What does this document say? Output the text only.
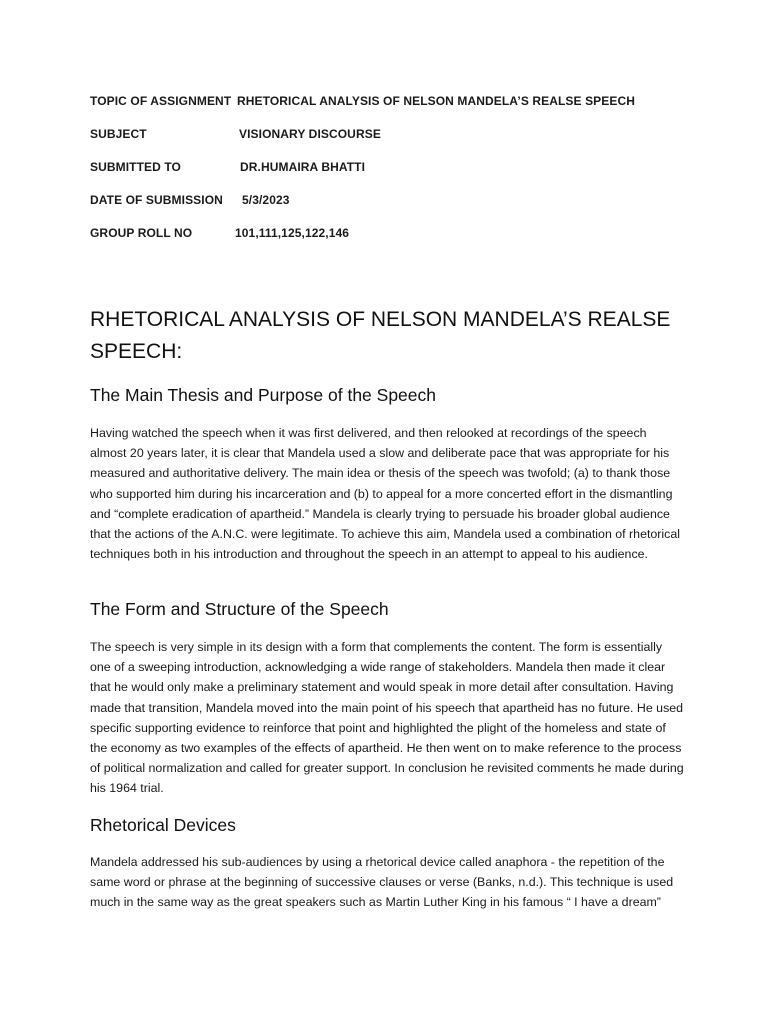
TOPIC OF ASSIGNMENT RHETORICAL ANALYSIS OF NELSON MANDELA’S REALSE SPEECH
SUBJECT	VISIONARY DISCOURSE
SUBMITTED TO	DR.HUMAIRA BHATTI
DATE OF SUBMISSION 5/3/2023
GROUP ROLL NO	101,111,125,122,146
RHETORICAL ANALYSIS OF NELSON MANDELA’S REALSE SPEECH:
The Main Thesis and Purpose of the Speech

Having watched the speech when it was first delivered, and then relooked at recordings of the speech almost 20 years later, it is clear that Mandela used a slow and deliberate pace that was appropriate for his measured and authoritative delivery. The main idea or thesis of the speech was twofold; (a) to thank those who supported him during his incarceration and (b) to appeal for a more concerted effort in the dismantling and “complete eradication of apartheid.” Mandela is clearly trying to persuade his broader global audience that the actions of the A.N.C. were legitimate. To achieve this aim, Mandela used a combination of rhetorical techniques both in his introduction and throughout the speech in an attempt to appeal to his audience.

The Form and Structure of the Speech

The speech is very simple in its design with a form that complements the content. The form is essentially one of a sweeping introduction, acknowledging a wide range of stakeholders. Mandela then made it clear that he would only make a preliminary statement and would speak in more detail after consultation. Having made that transition, Mandela moved into the main point of his speech that apartheid has no future. He used specific supporting evidence to reinforce that point and highlighted the plight of the homeless and state of the economy as two examples of the effects of apartheid. He then went on to make reference to the process of political normalization and called for greater support. In conclusion he revisited comments he made during his 1964 trial.

Rhetorical Devices

Mandela addressed his sub-audiences by using a rhetorical device called anaphora - the repetition of the same word or phrase at the beginning of successive clauses or verse (Banks, n.d.). This technique is used much in the same way as the great speakers such as Martin Luther King in his famous “ I have a dream”
